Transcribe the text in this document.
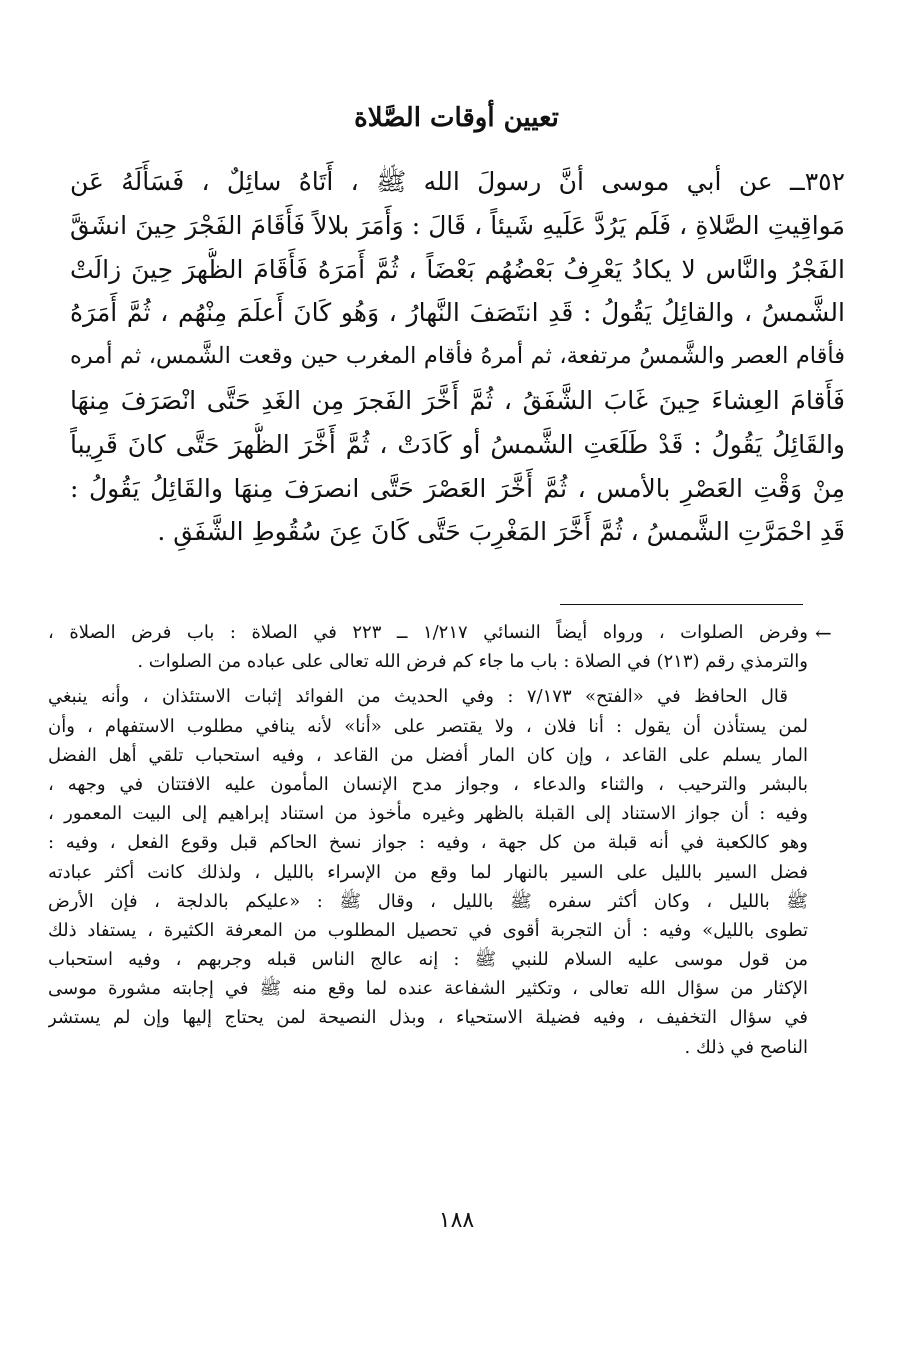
تعيين أوقات الصَّلاة
٣٥٢ــ عن أبي موسى أنَّ رسولَ الله ﷺ ، أَتَاهُ سائِلٌ ، فَسَأَلَهُ عَن
مَواقِيتِ الصَّلاةِ ، فَلَم يَرُدَّ عَلَيهِ شَيئاً ، قَالَ : وَأَمَرَ بلالاً فَأَقَامَ الفَجْرَ حِينَ انشَقَّ
الفَجْرُ والنَّاس لا يكادُ يَعْرِفُ بَعْضُهُم بَعْضَاً ، ثُمَّ أَمَرَهُ فَأَقَامَ الظُّهرَ حِينَ زالَتْ
الشَّمسُ ، والقائِلُ يَقُولُ : قَدِ انتَصَفَ النَّهارُ ، وَهُو كَانَ أَعلَمَ مِنْهُم ، ثُمَّ أَمَرَهُ
فأقام العصر والشَّمسُ مرتفعة، ثم أمرهُ فأقام المغرب حين وقعت الشَّمس، ثم أمره
فَأَقامَ العِشاءَ حِينَ غَابَ الشَّفَقُ ، ثُمَّ أَخَّرَ الفَجرَ مِن الغَدِ حَتَّى انْصَرَفَ مِنهَا
والقَائِلُ يَقُولُ : قَدْ طَلَعَتِ الشَّمسُ أو كَادَتْ ، ثُمَّ أَخَّرَ الظُّهرَ حَتَّى كانَ قَرِيباً
مِنْ وَقْتِ العَصْرِ بالأمس ، ثُمَّ أَخَّرَ العَصْرَ حَتَّى انصرَفَ مِنهَا والقَائِلُ يَقُولُ :
قَدِ احْمَرَّتِ الشَّمسُ ، ثُمَّ أَخَّرَ المَغْرِبَ حَتَّى كَانَ عِنَ سُقُوطِ الشَّفَقِ .
←
وفرض الصلوات ، ورواه أيضاً النسائي ١/٢١٧ ــ ٢٢٣ في الصلاة : باب فرض الصلاة ،
والترمذي رقم (٢١٣) في الصلاة : باب ما جاء كم فرض الله تعالى على عباده من الصلوات .
قال الحافظ في «الفتح» ٧/١٧٣ : وفي الحديث من الفوائد إثبات الاستئذان ، وأنه ينبغي
لمن يستأذن أن يقول : أنا فلان ، ولا يقتصر على «أنا» لأنه ينافي مطلوب الاستفهام ، وأن
المار يسلم على القاعد ، وإن كان المار أفضل من القاعد ، وفيه استحباب تلقي أهل الفضل
بالبشر والترحيب ، والثناء والدعاء ، وجواز مدح الإنسان المأمون عليه الافتتان في وجهه ،
وفيه : أن جواز الاستناد إلى القبلة بالظهر وغيره مأخوذ من استناد إبراهيم إلى البيت المعمور ،
وهو كالكعبة في أنه قبلة من كل جهة ، وفيه : جواز نسخ الحاكم قبل وقوع الفعل ، وفيه :
فضل السير بالليل على السير بالنهار لما وقع من الإسراء بالليل ، ولذلك كانت أكثر عبادته
ﷺ بالليل ، وكان أكثر سفره ﷺ بالليل ، وقال ﷺ : «عليكم بالدلجة ، فإن الأرض
تطوى بالليل» وفيه : أن التجربة أقوى في تحصيل المطلوب من المعرفة الكثيرة ، يستفاد ذلك
من قول موسى عليه السلام للنبي ﷺ : إنه عالج الناس قبله وجربهم ، وفيه استحباب
الإكثار من سؤال الله تعالى ، وتكثير الشفاعة عنده لما وقع منه ﷺ في إجابته مشورة موسى
في سؤال التخفيف ، وفيه فضيلة الاستحياء ، وبذل النصيحة لمن يحتاج إليها وإن لم يستشر
الناصح في ذلك .
١٨٨
